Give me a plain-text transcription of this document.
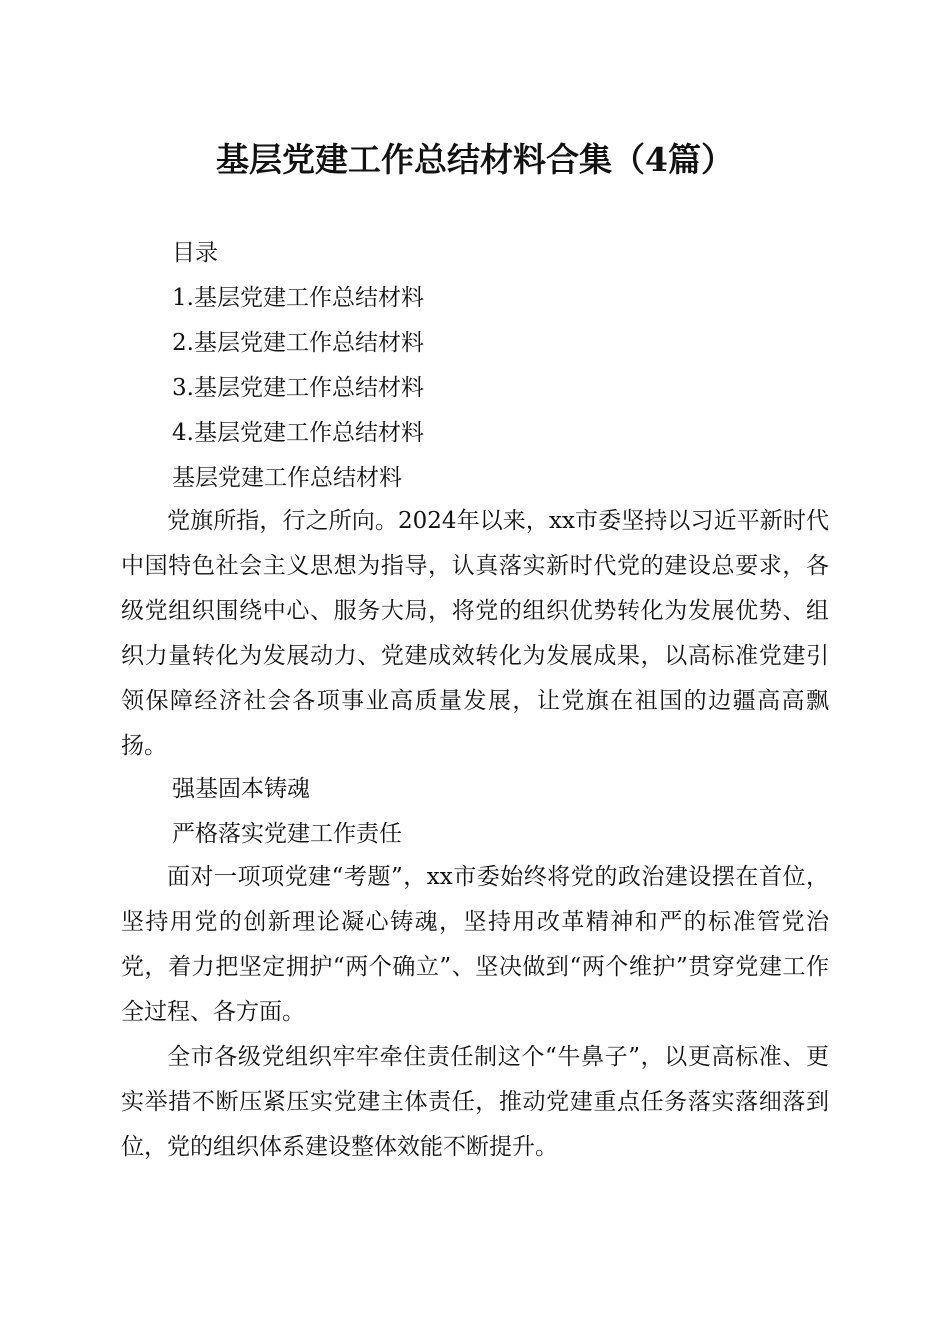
基层党建工作总结材料合集（4篇）
目录
1.基层党建工作总结材料
2.基层党建工作总结材料
3.基层党建工作总结材料
4.基层党建工作总结材料
基层党建工作总结材料

党旗所指，行之所向。2024年以来，xx市委坚持以习近平新时代中国特色社会主义思想为指导，认真落实新时代党的建设总要求，各级党组织围绕中心、服务大局，将党的组织优势转化为发展优势、组织力量转化为发展动力、党建成效转化为发展成果，以高标准党建引领保障经济社会各项事业高质量发展，让党旗在祖国的边疆高高飘扬。

强基固本铸魂
严格落实党建工作责任

面对一项项党建“考题”，xx市委始终将党的政治建设摆在首位，坚持用党的创新理论凝心铸魂，坚持用改革精神和严的标准管党治党，着力把坚定拥护“两个确立”、坚决做到“两个维护”贯穿党建工作全过程、各方面。

全市各级党组织牢牢牵住责任制这个“牛鼻子”，以更高标准、更实举措不断压紧压实党建主体责任，推动党建重点任务落实落细落到位，党的组织体系建设整体效能不断提升。
